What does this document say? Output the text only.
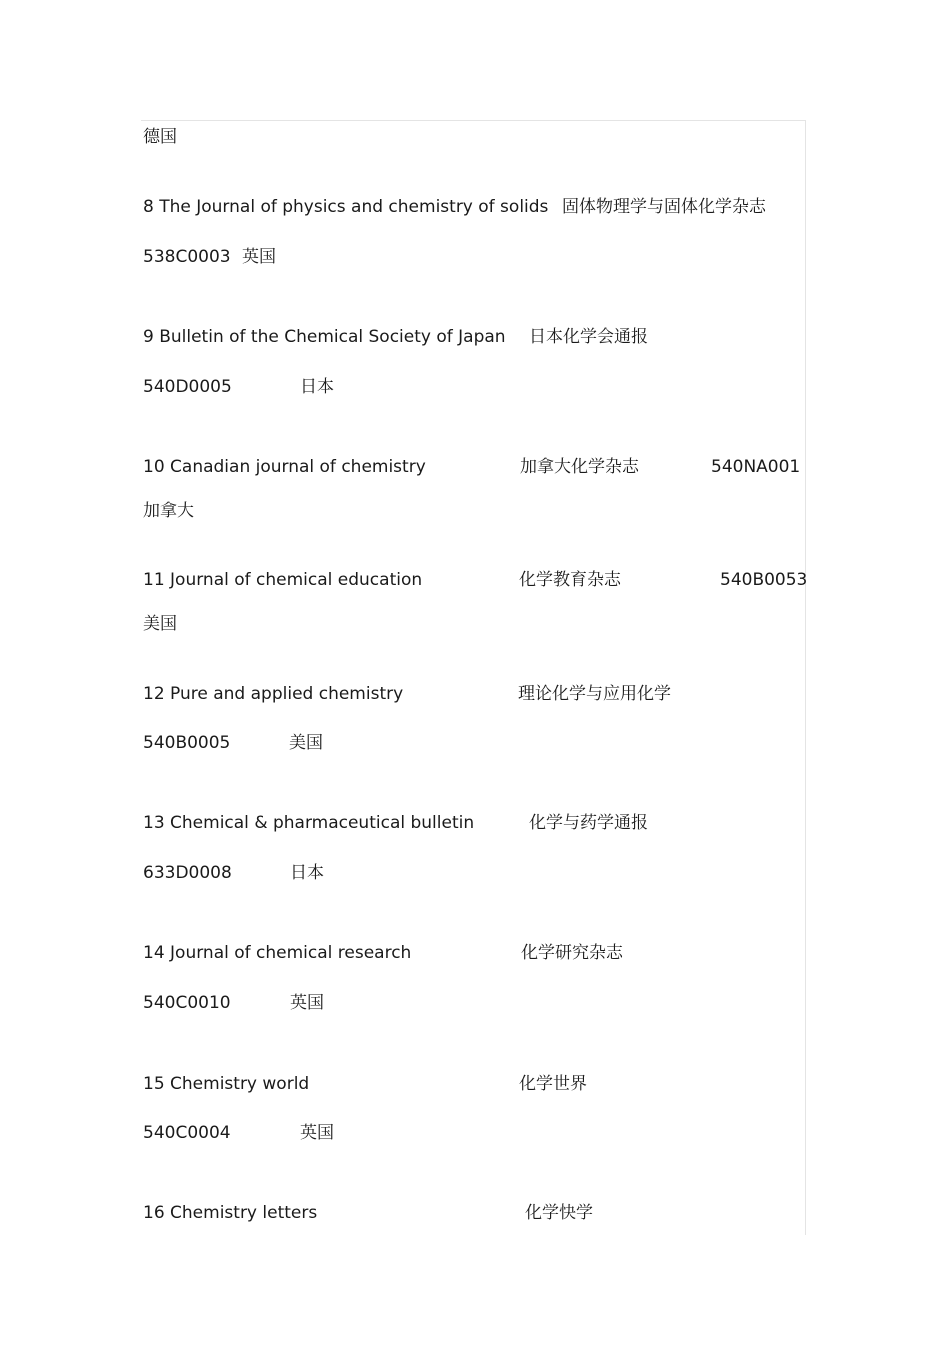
德国
8 The Journal of physics and chemistry of solids 固体物理学与固体化学杂志
538C0003 英国
9 Bulletin of the Chemical Society of Japan 日本化学会通报
540D0005	日本
10 Canadian journal of chemistry	加拿大化学杂志	540NA001
加拿大
11 Journal of chemical education	化学教育杂志	540B0053
美国
12 Pure and applied chemistry	理论化学与应用化学
540B0005	美国
13 Chemical & pharmaceutical bulletin	化学与药学通报
633D0008	日本
14 Journal of chemical research	化学研究杂志
540C0010	英国
15 Chemistry world	化学世界
540C0004	英国
16 Chemistry letters	化学快学
